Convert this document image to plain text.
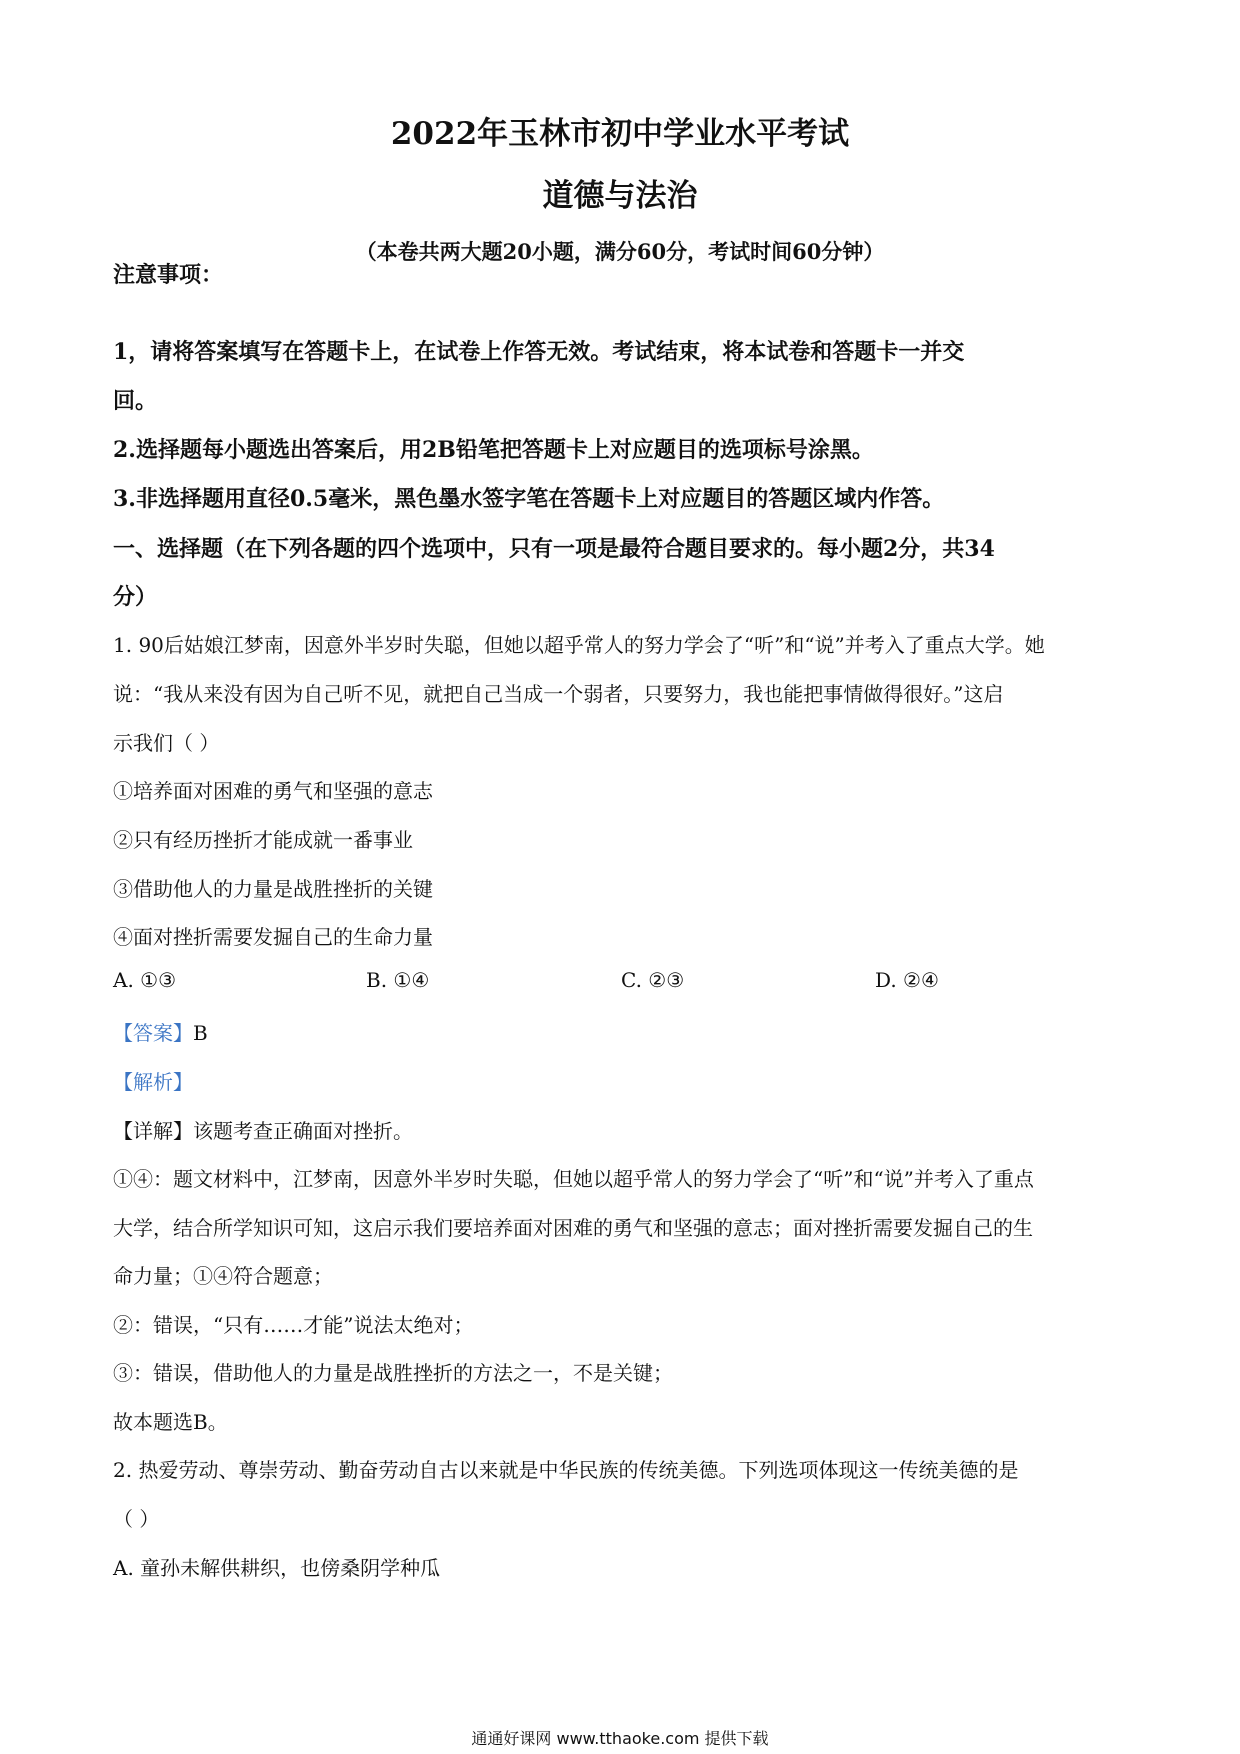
2022年玉林市初中学业水平考试
道德与法治
（本卷共两大题20小题，满分60分，考试时间60分钟）
注意事项：
1，请将答案填写在答题卡上，在试卷上作答无效。考试结束，将本试卷和答题卡一并交
回。
2.选择题每小题选出答案后，用2B铅笔把答题卡上对应题目的选项标号涂黑。
3.非选择题用直径0.5毫米，黑色墨水签字笔在答题卡上对应题目的答题区域内作答。
一、选择题（在下列各题的四个选项中，只有一项是最符合题目要求的。每小题2分，共34
分）
1. 90后姑娘江梦南，因意外半岁时失聪，但她以超乎常人的努力学会了“听”和“说”并考入了重点大学。她
说：“我从来没有因为自己听不见，就把自己当成一个弱者，只要努力，我也能把事情做得很好。”这启
示我们（ ）
①培养面对困难的勇气和坚强的意志
②只有经历挫折才能成就一番事业
③借助他人的力量是战胜挫折的关键
④面对挫折需要发掘自己的生命力量
A. ①③	B. ①④	C. ②③	D. ②④
【答案】B
【解析】
【详解】该题考查正确面对挫折。
①④：题文材料中，江梦南，因意外半岁时失聪，但她以超乎常人的努力学会了“听”和“说”并考入了重点
大学，结合所学知识可知，这启示我们要培养面对困难的勇气和坚强的意志；面对挫折需要发掘自己的生
命力量；①④符合题意；
②：错误，“只有……才能”说法太绝对；
③：错误，借助他人的力量是战胜挫折的方法之一，不是关键；
故本题选B。
2. 热爱劳动、尊崇劳动、勤奋劳动自古以来就是中华民族的传统美德。下列选项体现这一传统美德的是
（ ）
A. 童孙未解供耕织，也傍桑阴学种瓜
通通好课网 www.tthaoke.com 提供下载
